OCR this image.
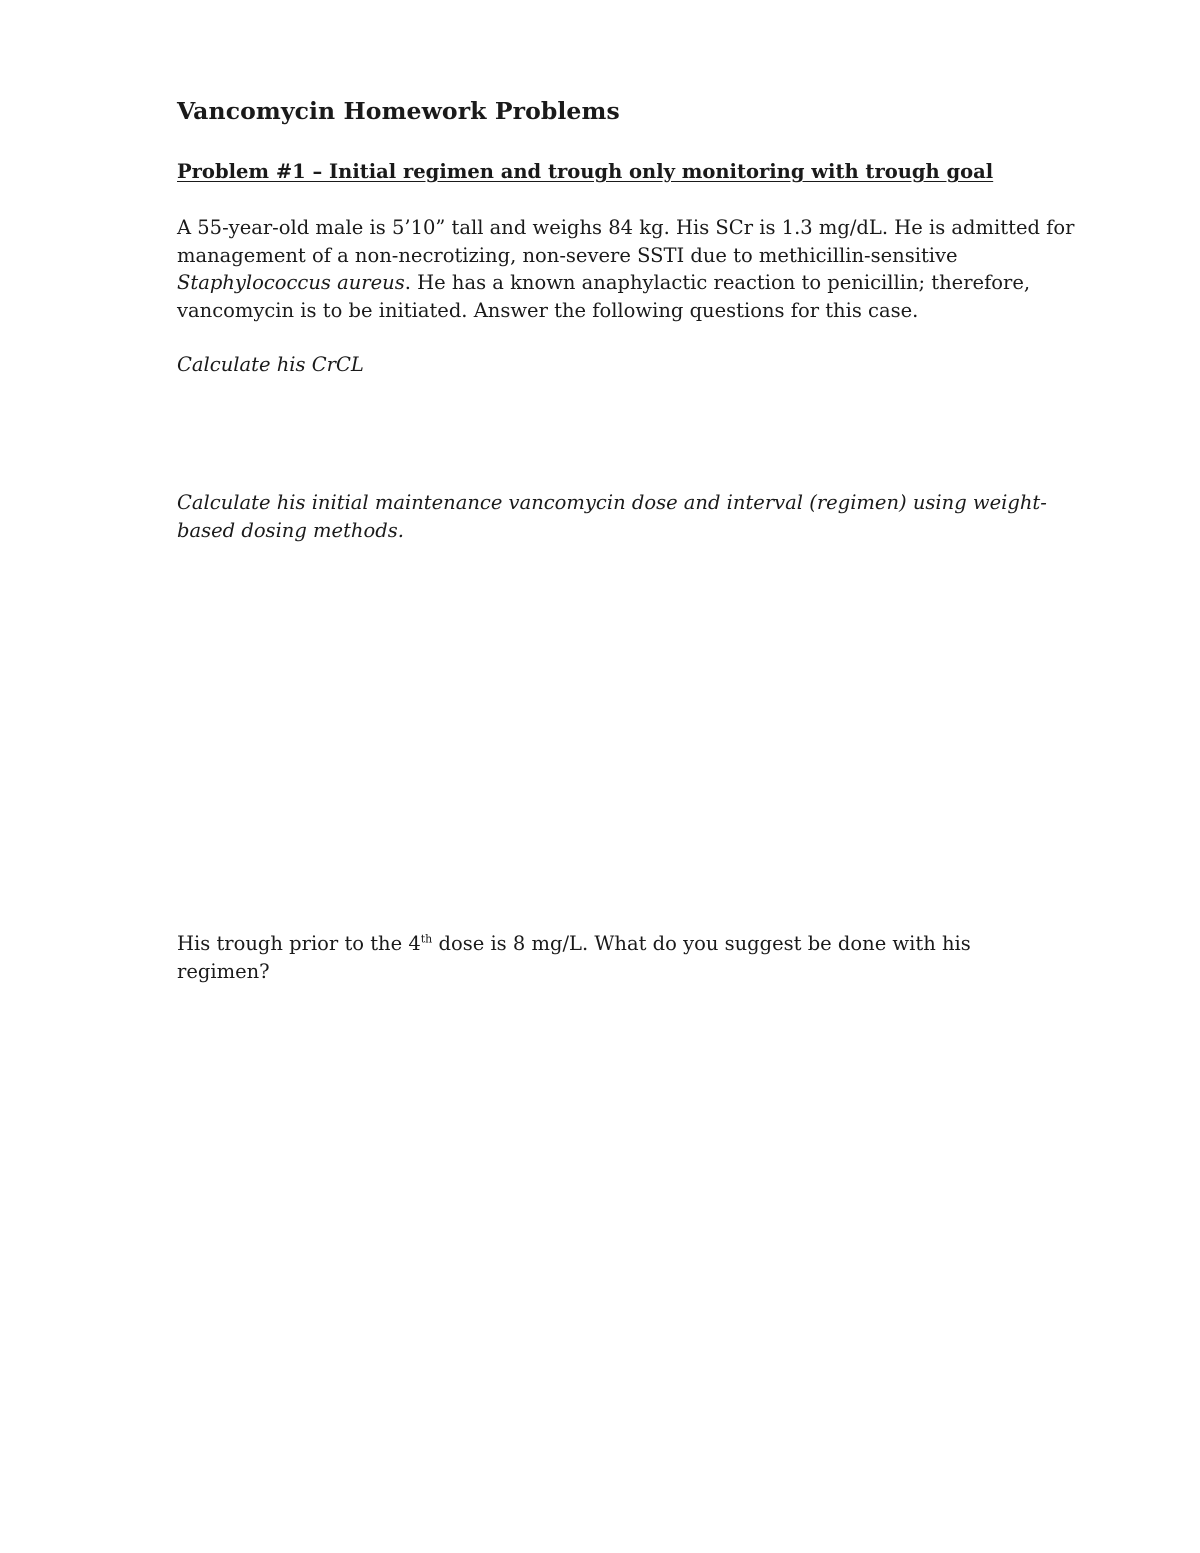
Vancomycin Homework Problems
Problem #1 – Initial regimen and trough only monitoring with trough goal
A 55-year-old male is 5’10” tall and weighs 84 kg. His SCr is 1.3 mg/dL. He is admitted for
management of a non-necrotizing, non-severe SSTI due to methicillin-sensitive
Staphylococcus aureus. He has a known anaphylactic reaction to penicillin; therefore,
vancomycin is to be initiated. Answer the following questions for this case.
Calculate his CrCL
Calculate his initial maintenance vancomycin dose and interval (regimen) using weight-
based dosing methods.
His trough prior to the 4th dose is 8 mg/L. What do you suggest be done with his
regimen?
